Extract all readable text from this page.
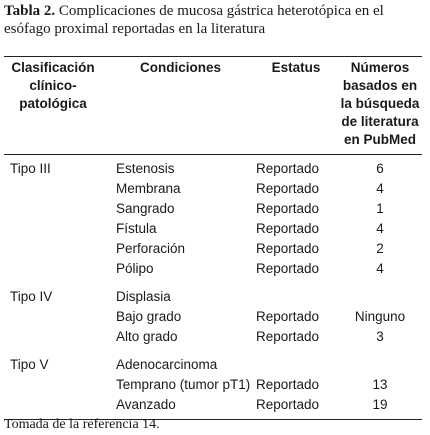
Tabla 2. Complicaciones de mucosa gástrica heterotópica en el esófago proximal reportadas en la literatura
Clasificación clínico-patológica	Condiciones	Estatus	Números basados en la búsqueda de literatura en PubMed
Tipo III	Estenosis	Reportado	6
	Membrana	Reportado	4
	Sangrado	Reportado	1
	Fístula	Reportado	4
	Perforación	Reportado	2
	Pólipo	Reportado	4
Tipo IV	Displasia		
	Bajo grado	Reportado	Ninguno
	Alto grado	Reportado	3
Tipo V	Adenocarcinoma		
	Temprano (tumor pT1)	Reportado	13
	Avanzado	Reportado	19
Tomada de la referencia 14.
